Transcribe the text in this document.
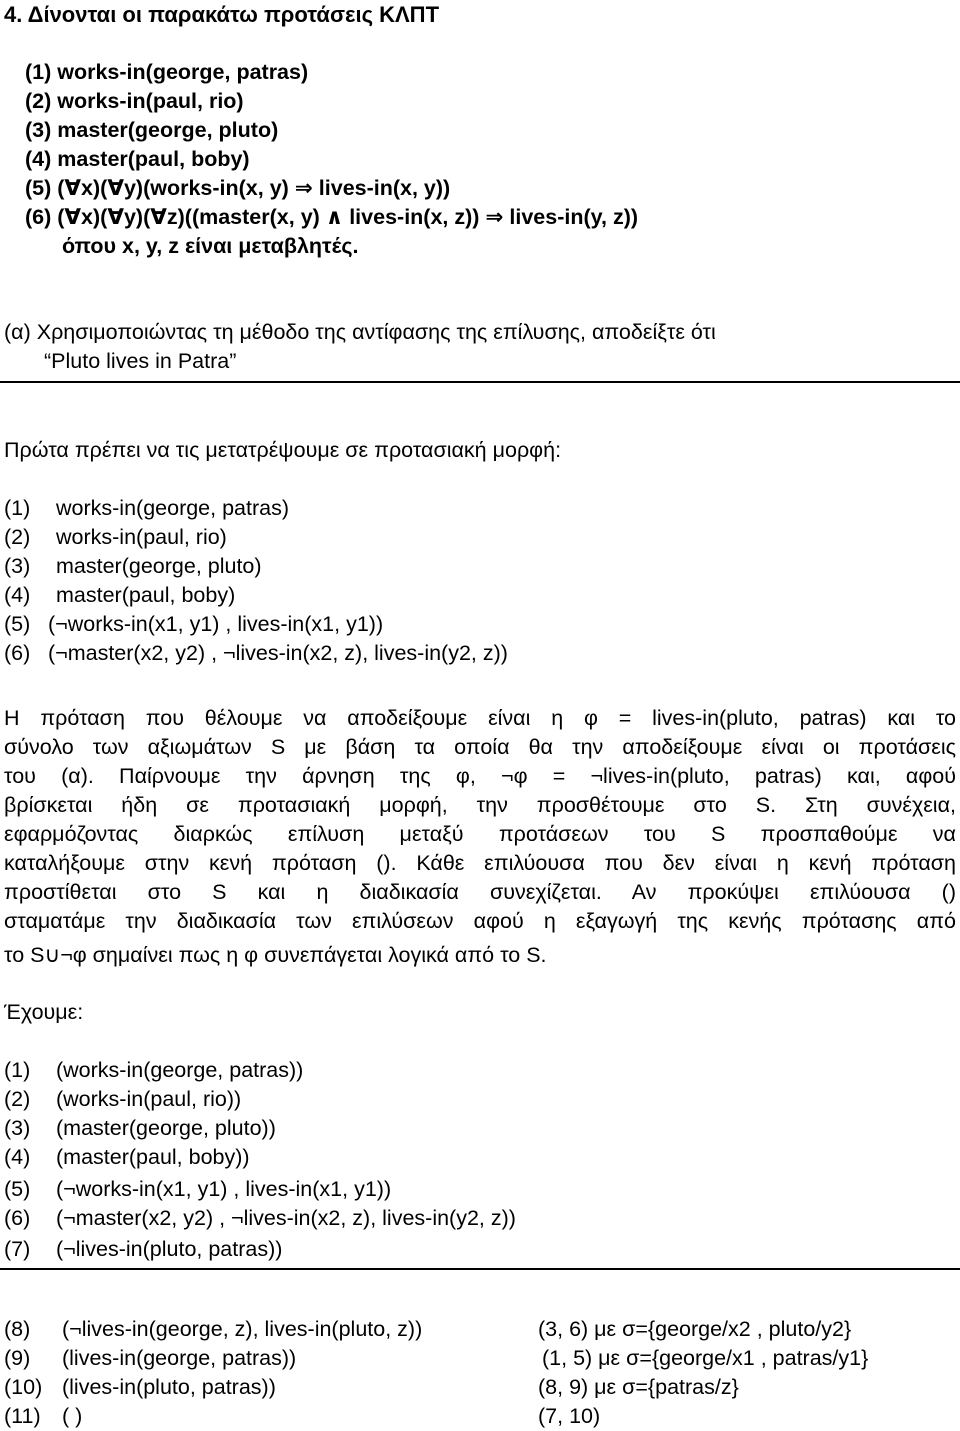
4. Δίνονται οι παρακάτω προτάσεις ΚΛΠΤ
(1) works-in(george, patras)
(2) works-in(paul, rio)
(3) master(george, pluto)
(4) master(paul, boby)
(5) (∀x)(∀y)(works-in(x, y) ⇒ lives-in(x, y))
(6) (∀x)(∀y)(∀z)((master(x, y) ∧ lives-in(x, z)) ⇒ lives-in(y, z))
όπου x, y, z είναι μεταβλητές.
(α) Χρησιμοποιώντας τη μέθοδο της αντίφασης της επίλυσης, αποδείξτε ότι
“Pluto lives in Patra”
Πρώτα πρέπει να τις μετατρέψουμε σε προτασιακή μορφή:
(1) works-in(george, patras)
(2) works-in(paul, rio)
(3) master(george, pluto)
(4) master(paul, boby)
(5) (¬works-in(x1, y1) , lives-in(x1, y1))
(6) (¬master(x2, y2) , ¬lives-in(x2, z), lives-in(y2, z))
Η πρόταση που θέλουμε να αποδείξουμε είναι η φ = lives-in(pluto, patras) και το
σύνολο των αξιωμάτων S με βάση τα οποία θα την αποδείξουμε είναι οι προτάσεις
του (α). Παίρνουμε την άρνηση της φ, ¬φ = ¬lives-in(pluto, patras) και, αφού
βρίσκεται ήδη σε προτασιακή μορφή, την προσθέτουμε στο S. Στη συνέχεια,
εφαρμόζοντας διαρκώς επίλυση μεταξύ προτάσεων του S προσπαθούμε να
καταλήξουμε στην κενή πρόταση (). Κάθε επιλύουσα που δεν είναι η κενή πρόταση
προστίθεται στο S και η διαδικασία συνεχίζεται. Αν προκύψει επιλύουσα ()
σταματάμε την διαδικασία των επιλύσεων αφού η εξαγωγή της κενής πρότασης από
το S∪¬φ σημαίνει πως η φ συνεπάγεται λογικά από το S.
Έχουμε:
(1) (works-in(george, patras))
(2) (works-in(paul, rio))
(3) (master(george, pluto))
(4) (master(paul, boby))
(5) (¬works-in(x1, y1) , lives-in(x1, y1))
(6) (¬master(x2, y2) , ¬lives-in(x2, z), lives-in(y2, z))
(7) (¬lives-in(pluto, patras))
(8) (¬lives-in(george, z), lives-in(pluto, z))	(3, 6) με σ={george/x2 , pluto/y2}
(9) (lives-in(george, patras))	(1, 5) με σ={george/x1 , patras/y1}
(10) (lives-in(pluto, patras))	(8, 9) με σ={patras/z}
(11) ( )	(7, 10)
